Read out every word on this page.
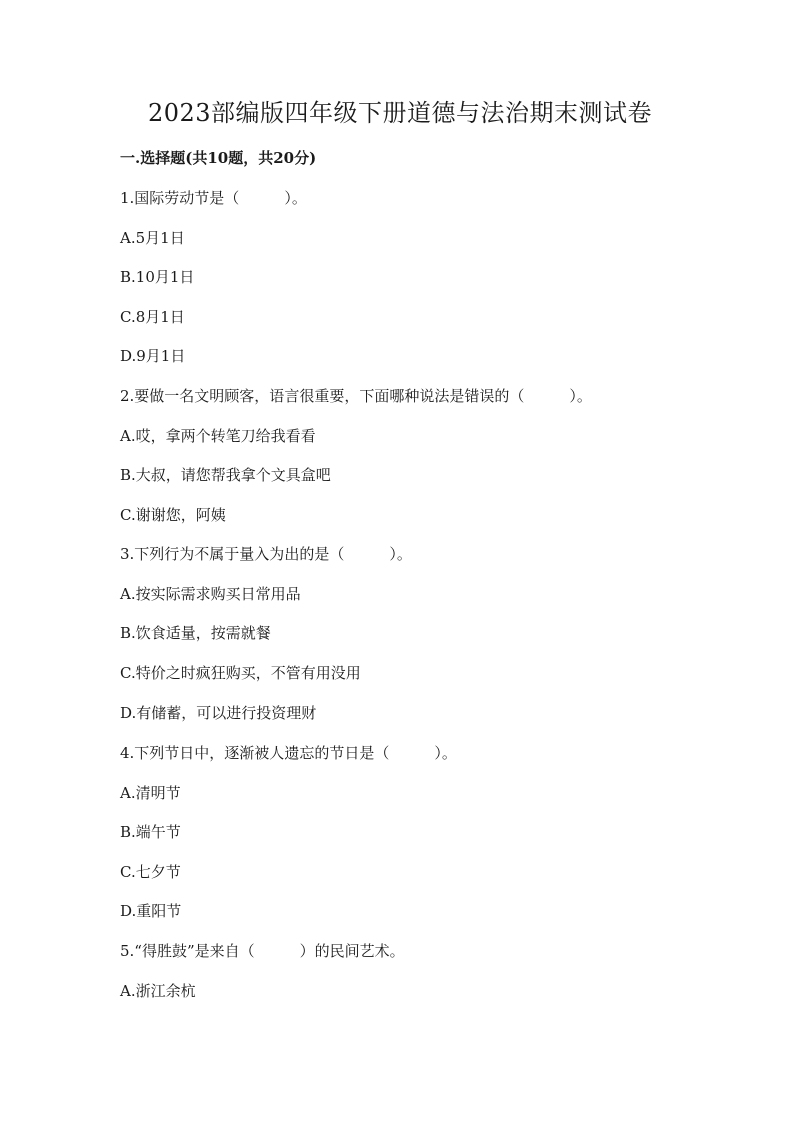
2023部编版四年级下册道德与法治期末测试卷
一.选择题(共10题，共20分)
1.国际劳动节是（　　　）。
A.5月1日
B.10月1日
C.8月1日
D.9月1日
2.要做一名文明顾客，语言很重要，下面哪种说法是错误的（　　　）。
A.哎，拿两个转笔刀给我看看
B.大叔，请您帮我拿个文具盒吧
C.谢谢您，阿姨
3.下列行为不属于量入为出的是（　　　）。
A.按实际需求购买日常用品
B.饮食适量，按需就餐
C.特价之时疯狂购买，不管有用没用
D.有储蓄，可以进行投资理财
4.下列节日中，逐渐被人遗忘的节日是（　　　）。
A.清明节
B.端午节
C.七夕节
D.重阳节
5.“得胜鼓”是来自（　　　）的民间艺术。
A.浙江余杭
